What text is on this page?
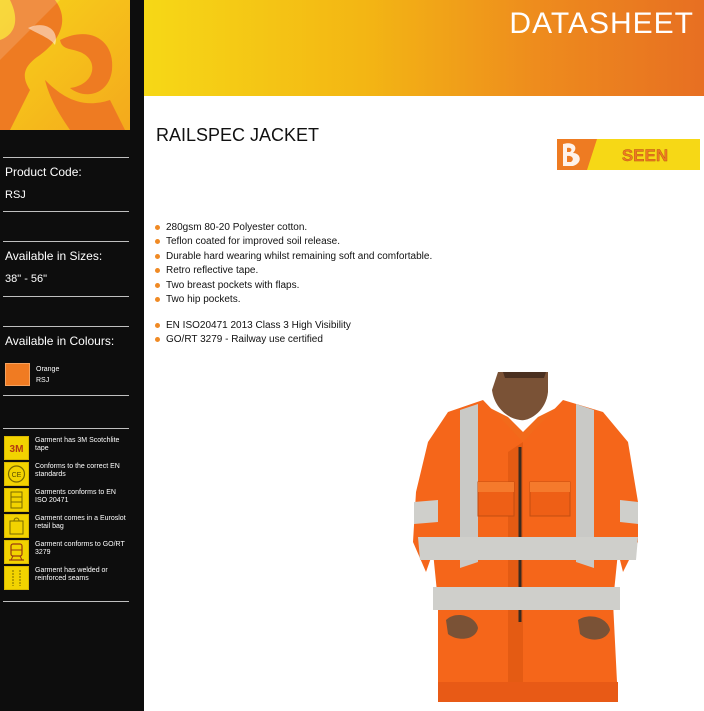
Product Code:
RSJ
Available in Sizes:
38" - 56"
Available in Colours:
Orange
RSJ
3M
Garment has 3M Scotchlite tape
CE
Conforms to the correct EN standards
Garments conforms to EN ISO 20471
Garment comes in a Euroslot retail bag
Garment conforms to GO/RT 3279
Garment has welded or reinforced seams
DATASHEET
RAILSPEC JACKET
SEEN
280gsm 80-20 Polyester cotton.
Teflon coated for improved soil release.
Durable hard wearing whilst remaining soft and comfortable.
Retro reflective tape.
Two breast pockets with flaps.
Two hip pockets.
EN ISO20471 2013 Class 3 High Visibility
GO/RT 3279 - Railway use certified
